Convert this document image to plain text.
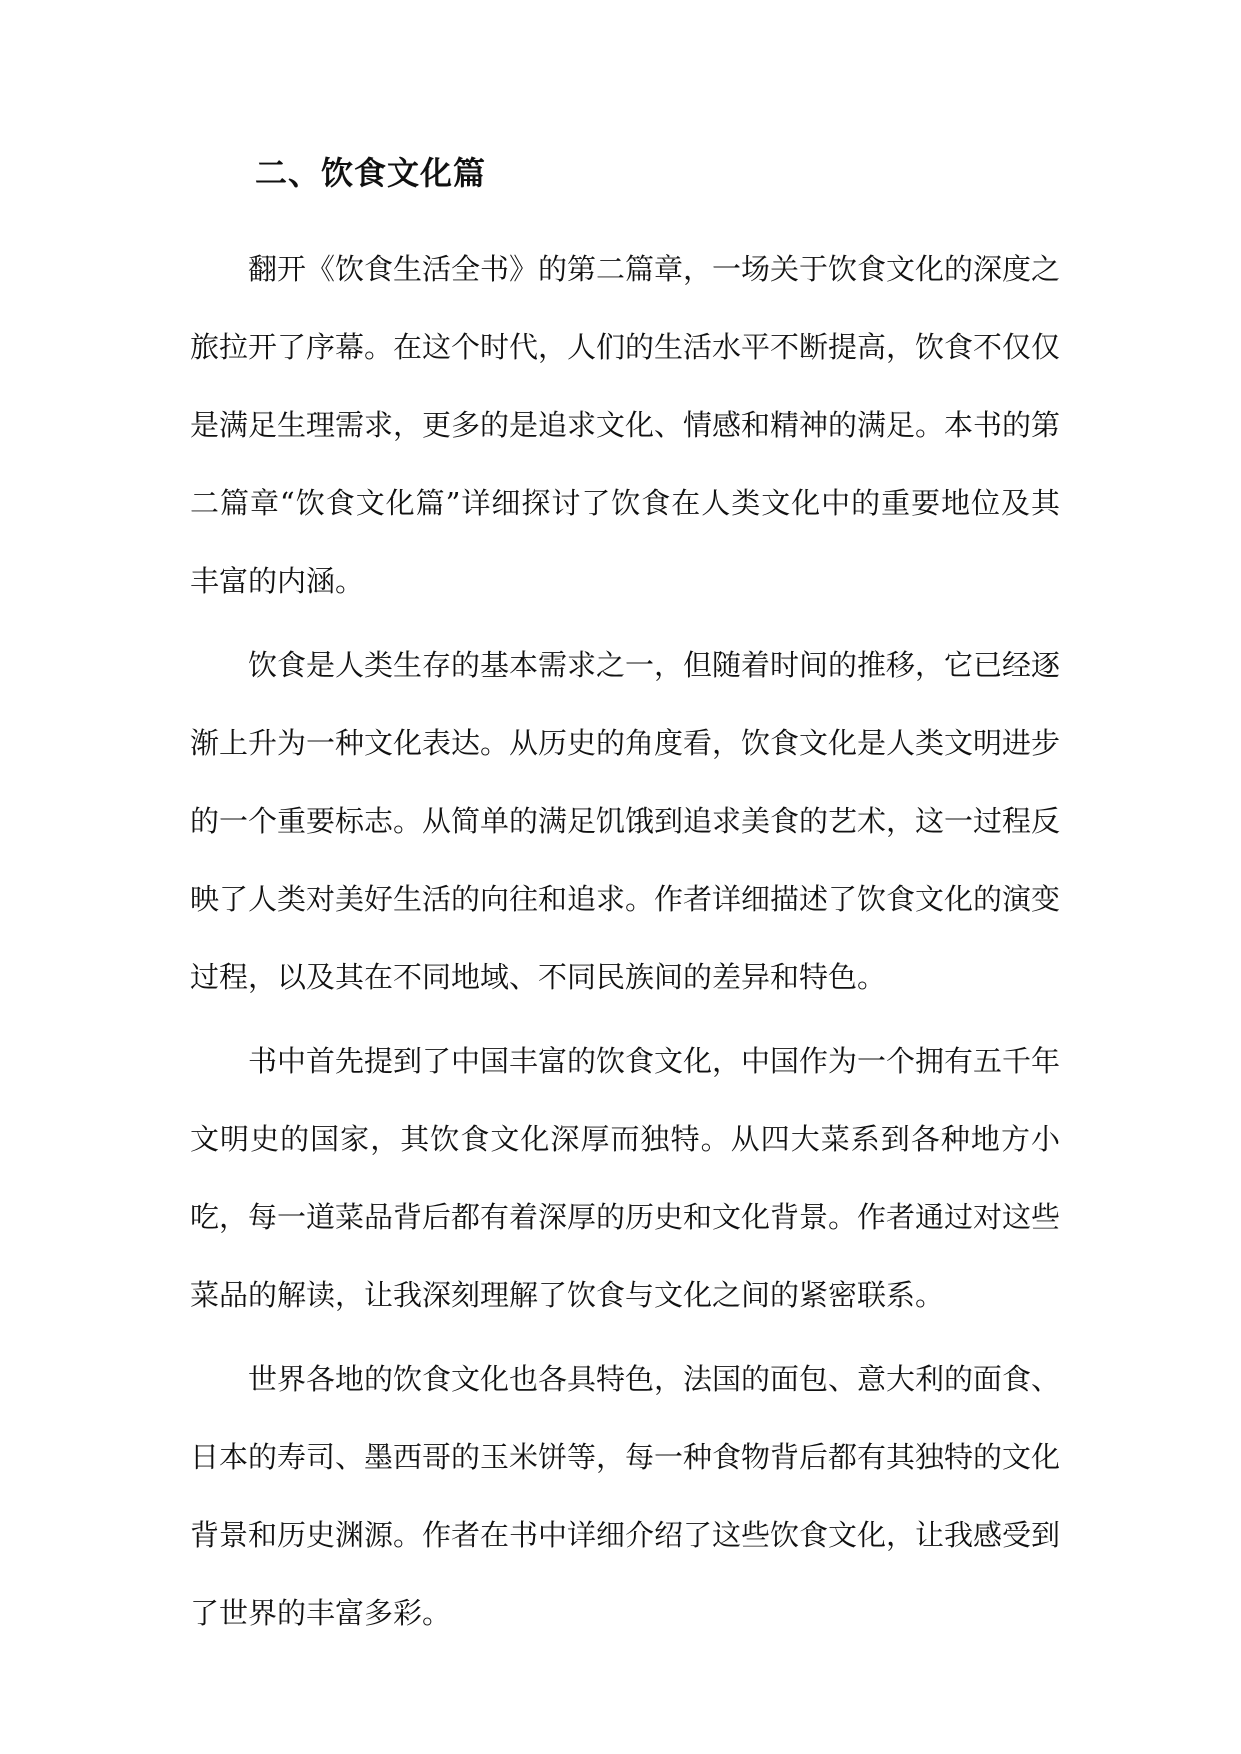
二、饮食文化篇

翻开《饮食生活全书》的第二篇章，一场关于饮食文化的深度之旅拉开了序幕。在这个时代，人们的生活水平不断提高，饮食不仅仅是满足生理需求，更多的是追求文化、情感和精神的满足。本书的第二篇章“饮食文化篇”详细探讨了饮食在人类文化中的重要地位及其丰富的内涵。

饮食是人类生存的基本需求之一，但随着时间的推移，它已经逐渐上升为一种文化表达。从历史的角度看，饮食文化是人类文明进步的一个重要标志。从简单的满足饥饿到追求美食的艺术，这一过程反映了人类对美好生活的向往和追求。作者详细描述了饮食文化的演变过程，以及其在不同地域、不同民族间的差异和特色。

书中首先提到了中国丰富的饮食文化，中国作为一个拥有五千年文明史的国家，其饮食文化深厚而独特。从四大菜系到各种地方小吃，每一道菜品背后都有着深厚的历史和文化背景。作者通过对这些菜品的解读，让我深刻理解了饮食与文化之间的紧密联系。

世界各地的饮食文化也各具特色，法国的面包、意大利的面食、日本的寿司、墨西哥的玉米饼等，每一种食物背后都有其独特的文化背景和历史渊源。作者在书中详细介绍了这些饮食文化，让我感受到了世界的丰富多彩。
